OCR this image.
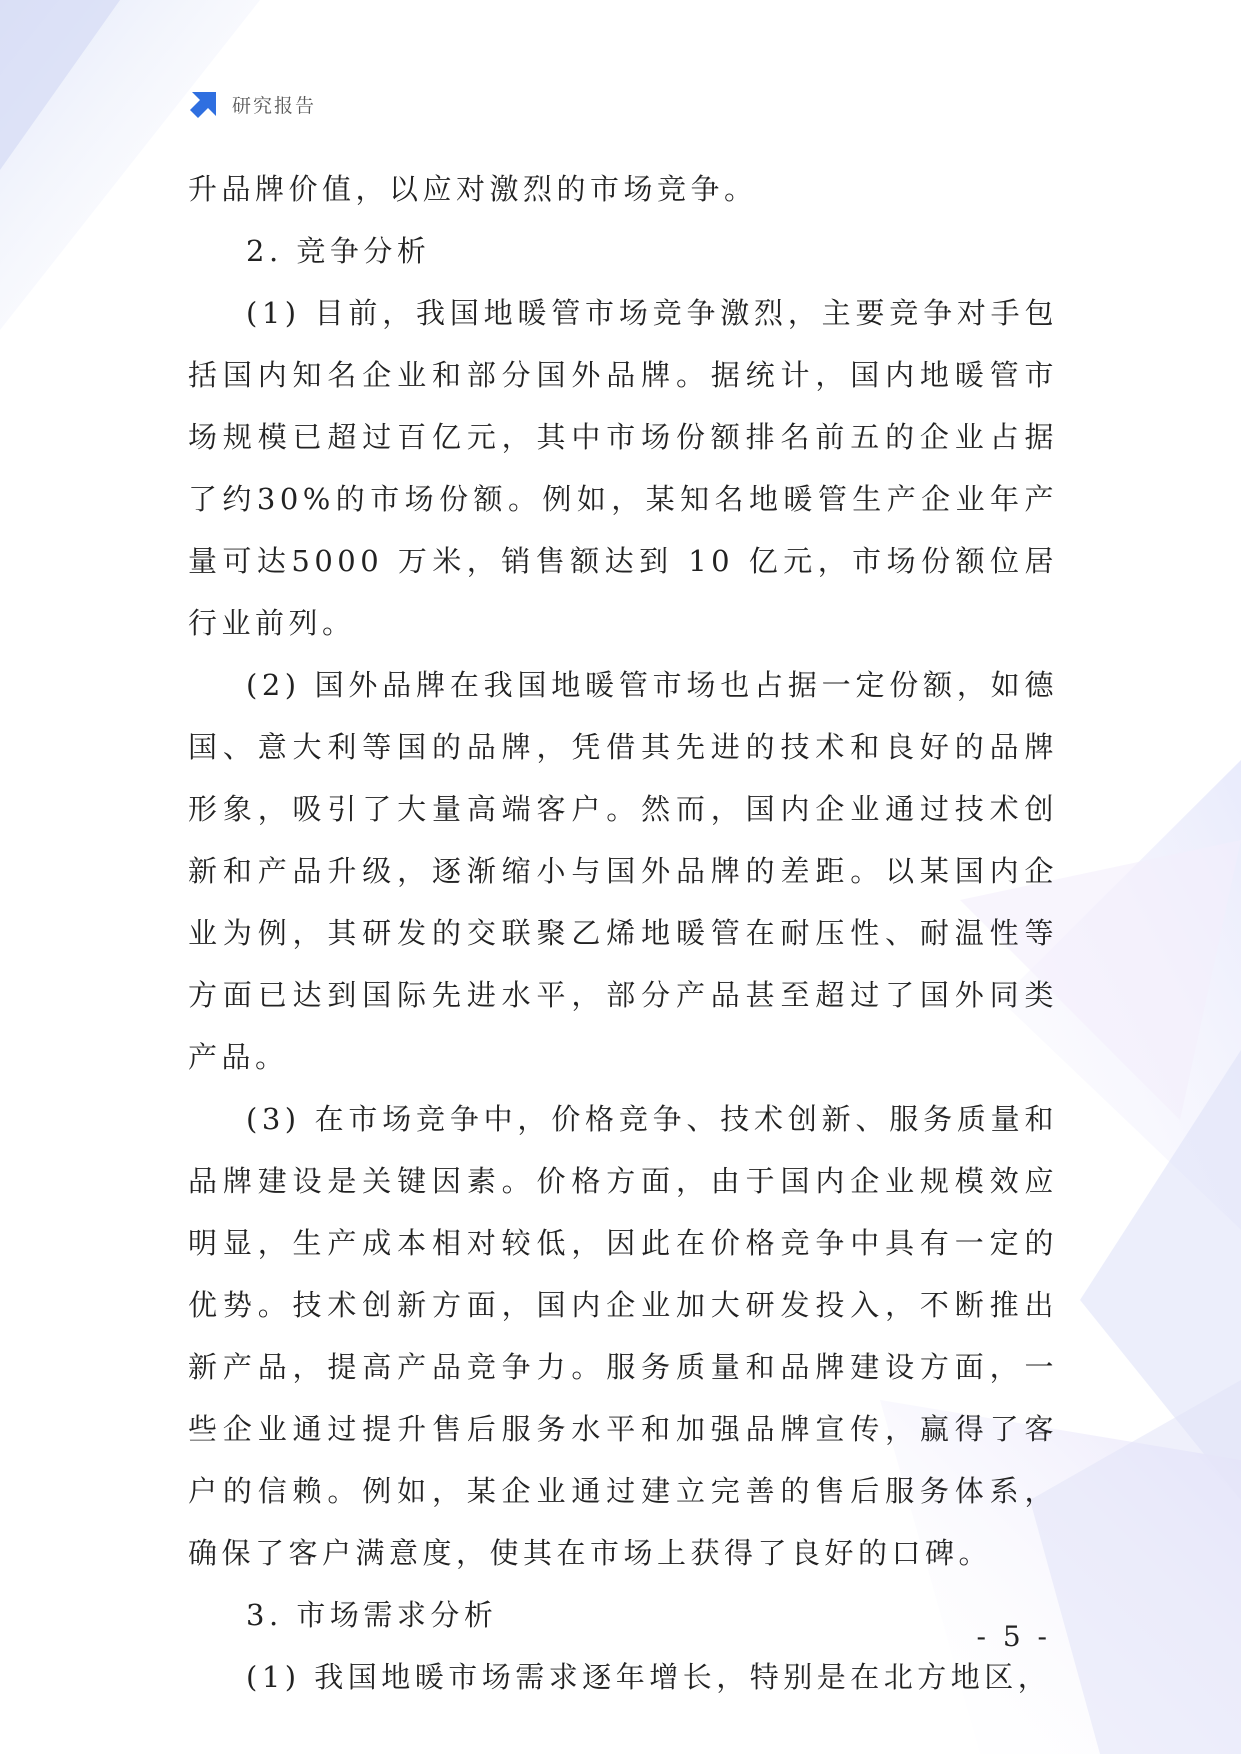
研究报告

升品牌价值，以应对激烈的市场竞争。

2. 竞争分析

(1) 目前，我国地暖管市场竞争激烈，主要竞争对手包括国内知名企业和部分国外品牌。据统计，国内地暖管市场规模已超过百亿元，其中市场份额排名前五的企业占据了约30%的市场份额。例如，某知名地暖管生产企业年产量可达5000 万米，销售额达到 10 亿元，市场份额位居行业前列。

(2) 国外品牌在我国地暖管市场也占据一定份额，如德国、意大利等国的品牌，凭借其先进的技术和良好的品牌形象，吸引了大量高端客户。然而，国内企业通过技术创新和产品升级，逐渐缩小与国外品牌的差距。以某国内企业为例，其研发的交联聚乙烯地暖管在耐压性、耐温性等方面已达到国际先进水平，部分产品甚至超过了国外同类产品。

(3) 在市场竞争中，价格竞争、技术创新、服务质量和品牌建设是关键因素。价格方面，由于国内企业规模效应明显，生产成本相对较低，因此在价格竞争中具有一定的优势。技术创新方面，国内企业加大研发投入，不断推出新产品，提高产品竞争力。服务质量和品牌建设方面，一些企业通过提升售后服务水平和加强品牌宣传，赢得了客户的信赖。例如，某企业通过建立完善的售后服务体系，确保了客户满意度，使其在市场上获得了良好的口碑。

3. 市场需求分析

(1) 我国地暖市场需求逐年增长，特别是在北方地区，

- 5 -
